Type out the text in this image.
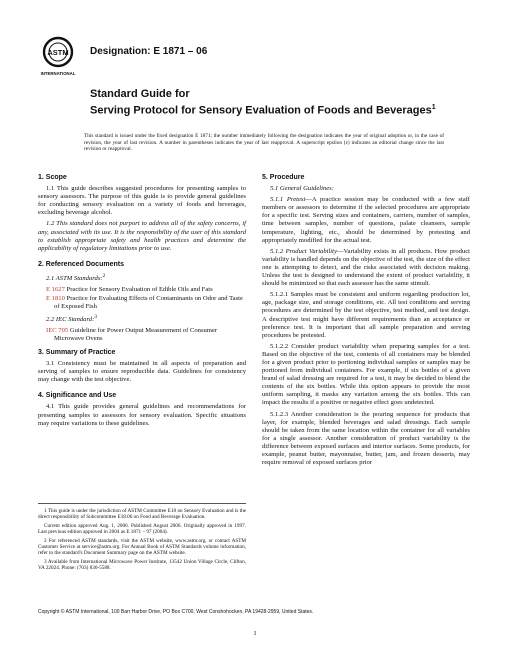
ASTM
INTERNATIONAL
Designation: E 1871 – 06
Standard Guide for
Serving Protocol for Sensory Evaluation of Foods and Beverages$^1$
This standard is issued under the fixed designation E 1871; the number immediately following the designation indicates the year of original adoption or, in the case of revision, the year of last revision. A number in parentheses indicates the year of last reapproval. A superscript epsilon (ε) indicates an editorial change since the last revision or reapproval.
1. Scope

1.1 This guide describes suggested procedures for presenting samples to sensory assessors. The purpose of this guide is to provide general guidelines for conducting sensory evaluation on a variety of foods and beverages, excluding beverage alcohol.

1.2 This standard does not purport to address all of the safety concerns, if any, associated with its use. It is the responsibility of the user of this standard to establish appropriate safety and health practices and determine the applicability of regulatory limitations prior to use.

2. Referenced Documents

2.1 ASTM Standards:$^2$

E 1627 Practice for Sensory Evaluation of Edible Oils and Fats
E 1810 Practice for Evaluating Effects of Contaminants on Odor and Taste of Exposed Fish

2.2 IEC Standard:$^3$

IEC 705 Guideline for Power Output Measurement of Consumer Microwave Ovens
3. Summary of Practice

3.1 Consistency must be maintained in all aspects of preparation and serving of samples to ensure reproducible data. Guidelines for consistency may change with the test objective.

4. Significance and Use

4.1 This guide provides general guidelines and recommendations for presenting samples to assessors for sensory evaluation. Specific situations may require variations to these guidelines.

1 This guide is under the jurisdiction of ASTM Committee E18 on Sensory Evaluation and is the direct responsibility of Subcommittee E18.06 on Food and Beverage Evaluation.

Current edition approved Aug. 1, 2006. Published August 2006. Originally approved in 1997. Last previous edition approved in 2004 as E 1871 – 97 (2004).

2 For referenced ASTM standards, visit the ASTM website, www.astm.org, or contact ASTM Customer Service at service@astm.org. For Annual Book of ASTM Standards volume information, refer to the standard's Document Summary page on the ASTM website.

3 Available from International Microwave Power Institute, 13542 Union Village Circle, Clifton, VA 22024. Phone: (703) 830-5588.

5. Procedure

5.1 General Guidelines:

5.1.1 Pretest—A practice session may be conducted with a few staff members or assessors to determine if the selected procedures are appropriate for a specific test. Serving sizes and containers, carriers, number of samples, time between samples, number of questions, palate cleansers, sample temperature, lighting, etc., should be determined by pretesting and appropriately modified for the actual test.

5.1.2 Product Variability—Variability exists in all products. How product variability is handled depends on the objective of the test, the size of the effect one is attempting to detect, and the risks associated with decision making. Unless the test is designed to understand the extent of product variability, it should be minimized so that each assessor has the same stimuli.

5.1.2.1 Samples must be consistent and uniform regarding production lot, age, package size, and storage conditions, etc. All test conditions and serving procedures are determined by the test objective, test method, and test design. A descriptive test might have different requirements than an acceptance or preference test. It is important that all sample preparation and serving procedures be pretested.

5.1.2.2 Consider product variability when preparing samples for a test. Based on the objective of the test, contents of all containers may be blended for a given product prior to portioning individual samples or samples may be portioned from individual containers. For example, if six bottles of a given brand of salad dressing are required for a test, it may be decided to blend the contents of the six bottles. While this option appears to provide the most uniform sampling, it masks any variation among the six bottles. This can impact the results if a positive or negative effect goes undetected.

5.1.2.3 Another consideration is the pouring sequence for products that layer, for example, blended beverages and salad dressings. Each sample should be taken from the same location within the container for all variables for a single assessor. Another consideration of product variability is the difference between exposed surfaces and interior surfaces. Some products, for example, peanut butter, mayonnaise, butter, jam, and frozen desserts, may require removal of exposed surfaces prior

Copyright © ASTM International, 100 Barr Harbor Drive, PO Box C700, West Conshohocken, PA 19428-2959, United States.
1
